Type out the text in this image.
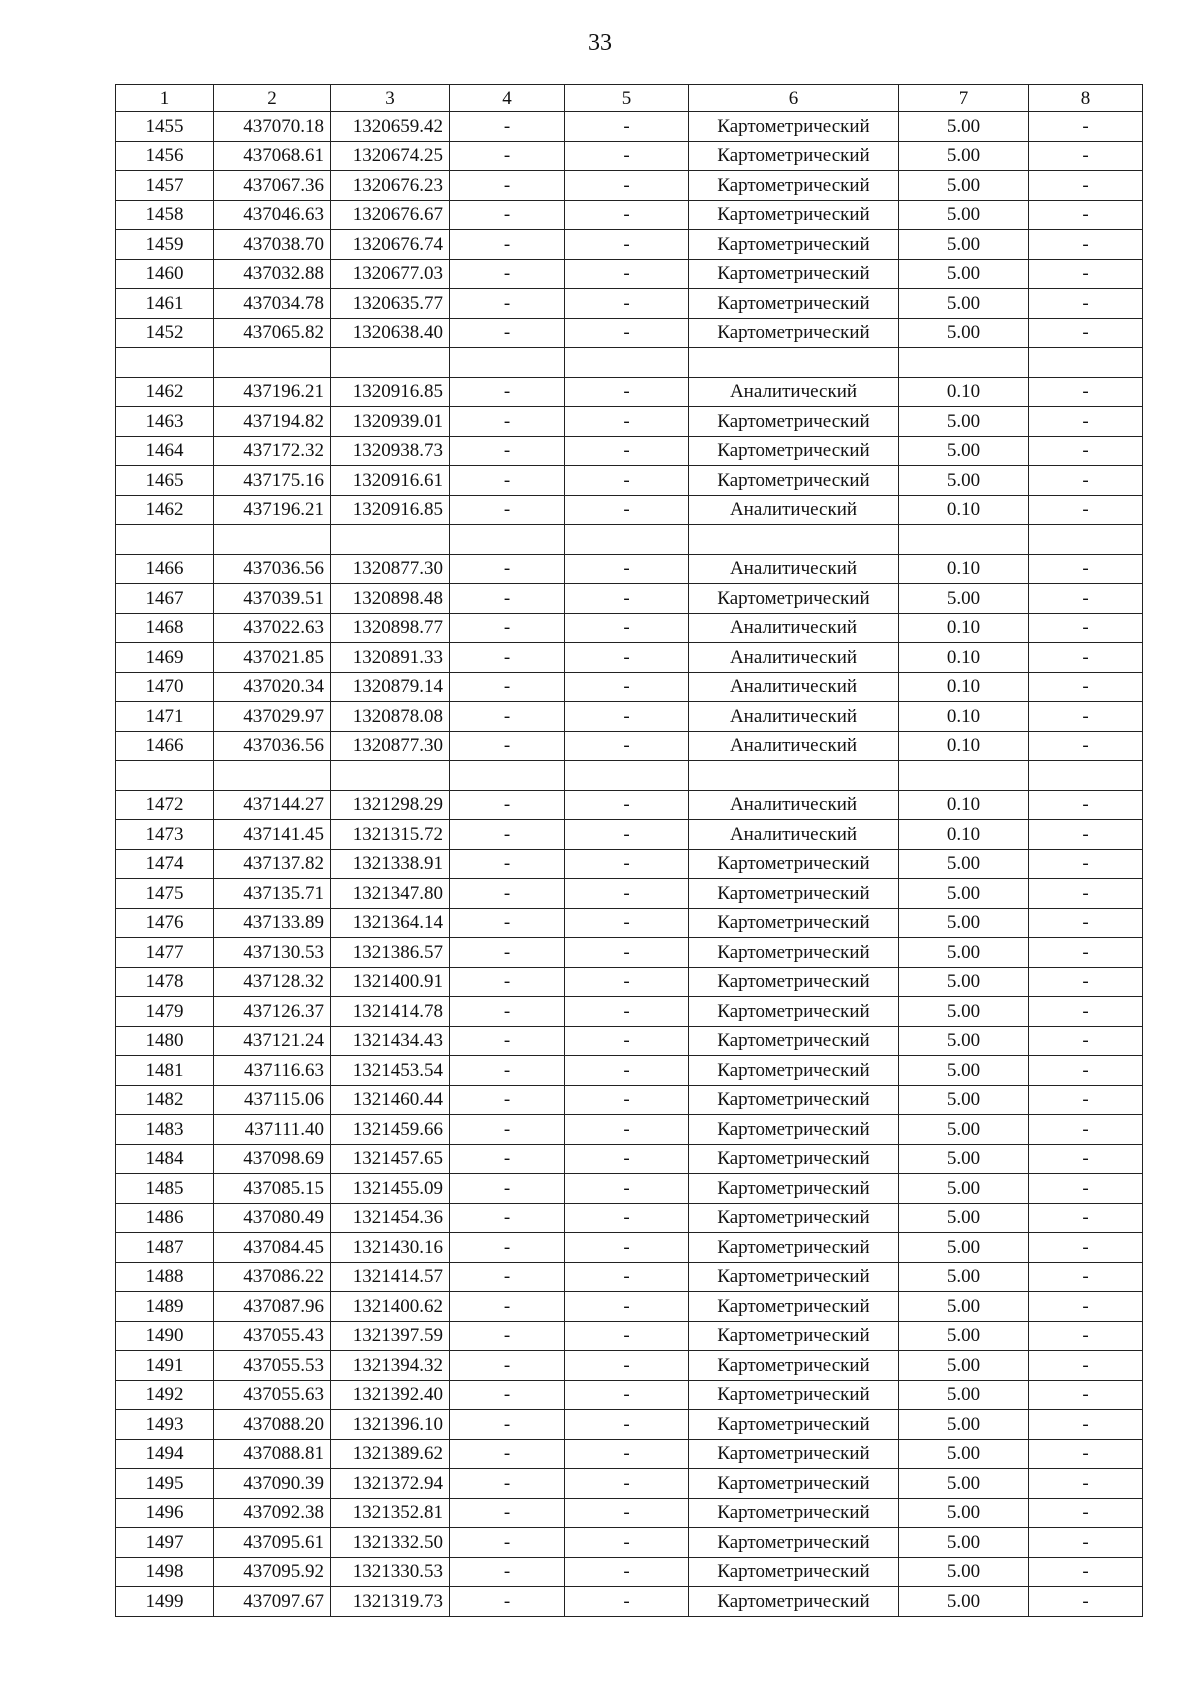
33
1	2	3	4	5	6	7	8
1455	437070.18	1320659.42	-	-	Картометрический	5.00	-
1456	437068.61	1320674.25	-	-	Картометрический	5.00	-
1457	437067.36	1320676.23	-	-	Картометрический	5.00	-
1458	437046.63	1320676.67	-	-	Картометрический	5.00	-
1459	437038.70	1320676.74	-	-	Картометрический	5.00	-
1460	437032.88	1320677.03	-	-	Картометрический	5.00	-
1461	437034.78	1320635.77	-	-	Картометрический	5.00	-
1452	437065.82	1320638.40	-	-	Картометрический	5.00	-

1462	437196.21	1320916.85	-	-	Аналитический	0.10	-
1463	437194.82	1320939.01	-	-	Картометрический	5.00	-
1464	437172.32	1320938.73	-	-	Картометрический	5.00	-
1465	437175.16	1320916.61	-	-	Картометрический	5.00	-
1462	437196.21	1320916.85	-	-	Аналитический	0.10	-

1466	437036.56	1320877.30	-	-	Аналитический	0.10	-
1467	437039.51	1320898.48	-	-	Картометрический	5.00	-
1468	437022.63	1320898.77	-	-	Аналитический	0.10	-
1469	437021.85	1320891.33	-	-	Аналитический	0.10	-
1470	437020.34	1320879.14	-	-	Аналитический	0.10	-
1471	437029.97	1320878.08	-	-	Аналитический	0.10	-
1466	437036.56	1320877.30	-	-	Аналитический	0.10	-

1472	437144.27	1321298.29	-	-	Аналитический	0.10	-
1473	437141.45	1321315.72	-	-	Аналитический	0.10	-
1474	437137.82	1321338.91	-	-	Картометрический	5.00	-
1475	437135.71	1321347.80	-	-	Картометрический	5.00	-
1476	437133.89	1321364.14	-	-	Картометрический	5.00	-
1477	437130.53	1321386.57	-	-	Картометрический	5.00	-
1478	437128.32	1321400.91	-	-	Картометрический	5.00	-
1479	437126.37	1321414.78	-	-	Картометрический	5.00	-
1480	437121.24	1321434.43	-	-	Картометрический	5.00	-
1481	437116.63	1321453.54	-	-	Картометрический	5.00	-
1482	437115.06	1321460.44	-	-	Картометрический	5.00	-
1483	437111.40	1321459.66	-	-	Картометрический	5.00	-
1484	437098.69	1321457.65	-	-	Картометрический	5.00	-
1485	437085.15	1321455.09	-	-	Картометрический	5.00	-
1486	437080.49	1321454.36	-	-	Картометрический	5.00	-
1487	437084.45	1321430.16	-	-	Картометрический	5.00	-
1488	437086.22	1321414.57	-	-	Картометрический	5.00	-
1489	437087.96	1321400.62	-	-	Картометрический	5.00	-
1490	437055.43	1321397.59	-	-	Картометрический	5.00	-
1491	437055.53	1321394.32	-	-	Картометрический	5.00	-
1492	437055.63	1321392.40	-	-	Картометрический	5.00	-
1493	437088.20	1321396.10	-	-	Картометрический	5.00	-
1494	437088.81	1321389.62	-	-	Картометрический	5.00	-
1495	437090.39	1321372.94	-	-	Картометрический	5.00	-
1496	437092.38	1321352.81	-	-	Картометрический	5.00	-
1497	437095.61	1321332.50	-	-	Картометрический	5.00	-
1498	437095.92	1321330.53	-	-	Картометрический	5.00	-
1499	437097.67	1321319.73	-	-	Картометрический	5.00	-
